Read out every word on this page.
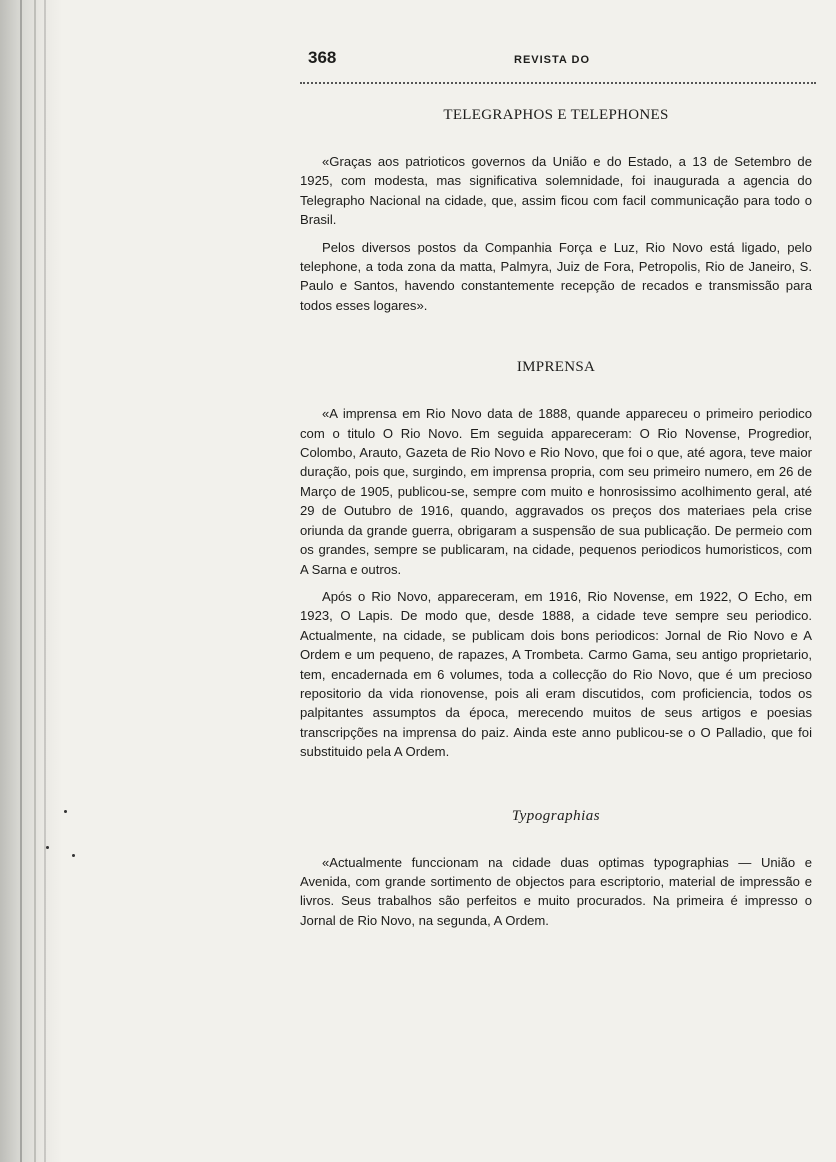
368	REVISTA DO
TELEGRAPHOS E TELEPHONES

«Graças aos patrioticos governos da União e do Estado, a 13 de Setembro de 1925, com modesta, mas significativa solemnidade, foi inaugurada a agencia do Telegrapho Nacional na cidade, que, assim ficou com facil communicação para todo o Brasil.

Pelos diversos postos da Companhia Força e Luz, Rio Novo está ligado, pelo telephone, a toda zona da matta, Palmyra, Juiz de Fora, Petropolis, Rio de Janeiro, S. Paulo e Santos, havendo constantemente recepção de recados e transmissão para todos esses logares».

IMPRENSA

«A imprensa em Rio Novo data de 1888, quande appareceu o primeiro periodico com o titulo O Rio Novo. Em seguida appareceram: O Rio Novense, Progredior, Colombo, Arauto, Gazeta de Rio Novo e Rio Novo, que foi o que, até agora, teve maior duração, pois que, surgindo, em imprensa propria, com seu primeiro numero, em 26 de Março de 1905, publicou-se, sempre com muito e honrosissimo acolhimento geral, até 29 de Outubro de 1916, quando, aggravados os preços dos materiaes pela crise oriunda da grande guerra, obrigaram a suspensão de sua publicação. De permeio com os grandes, sempre se publicaram, na cidade, pequenos periodicos humoristicos, com A Sarna e outros.

Após o Rio Novo, appareceram, em 1916, Rio Novense, em 1922, O Echo, em 1923, O Lapis. De modo que, desde 1888, a cidade teve sempre seu periodico. Actualmente, na cidade, se publicam dois bons periodicos: Jornal de Rio Novo e A Ordem e um pequeno, de rapazes, A Trombeta. Carmo Gama, seu antigo proprietario, tem, encadernada em 6 volumes, toda a collecção do Rio Novo, que é um precioso repositorio da vida rionovense, pois ali eram discutidos, com proficiencia, todos os palpitantes assumptos da época, merecendo muitos de seus artigos e poesias transcripções na imprensa do paiz. Ainda este anno publicou-se o O Palladio, que foi substituido pela A Ordem.

Typographias

«Actualmente funccionam na cidade duas optimas typographias — União e Avenida, com grande sortimento de objectos para escriptorio, material de impressão e livros. Seus trabalhos são perfeitos e muito procurados. Na primeira é impresso o Jornal de Rio Novo, na segunda, A Ordem.
